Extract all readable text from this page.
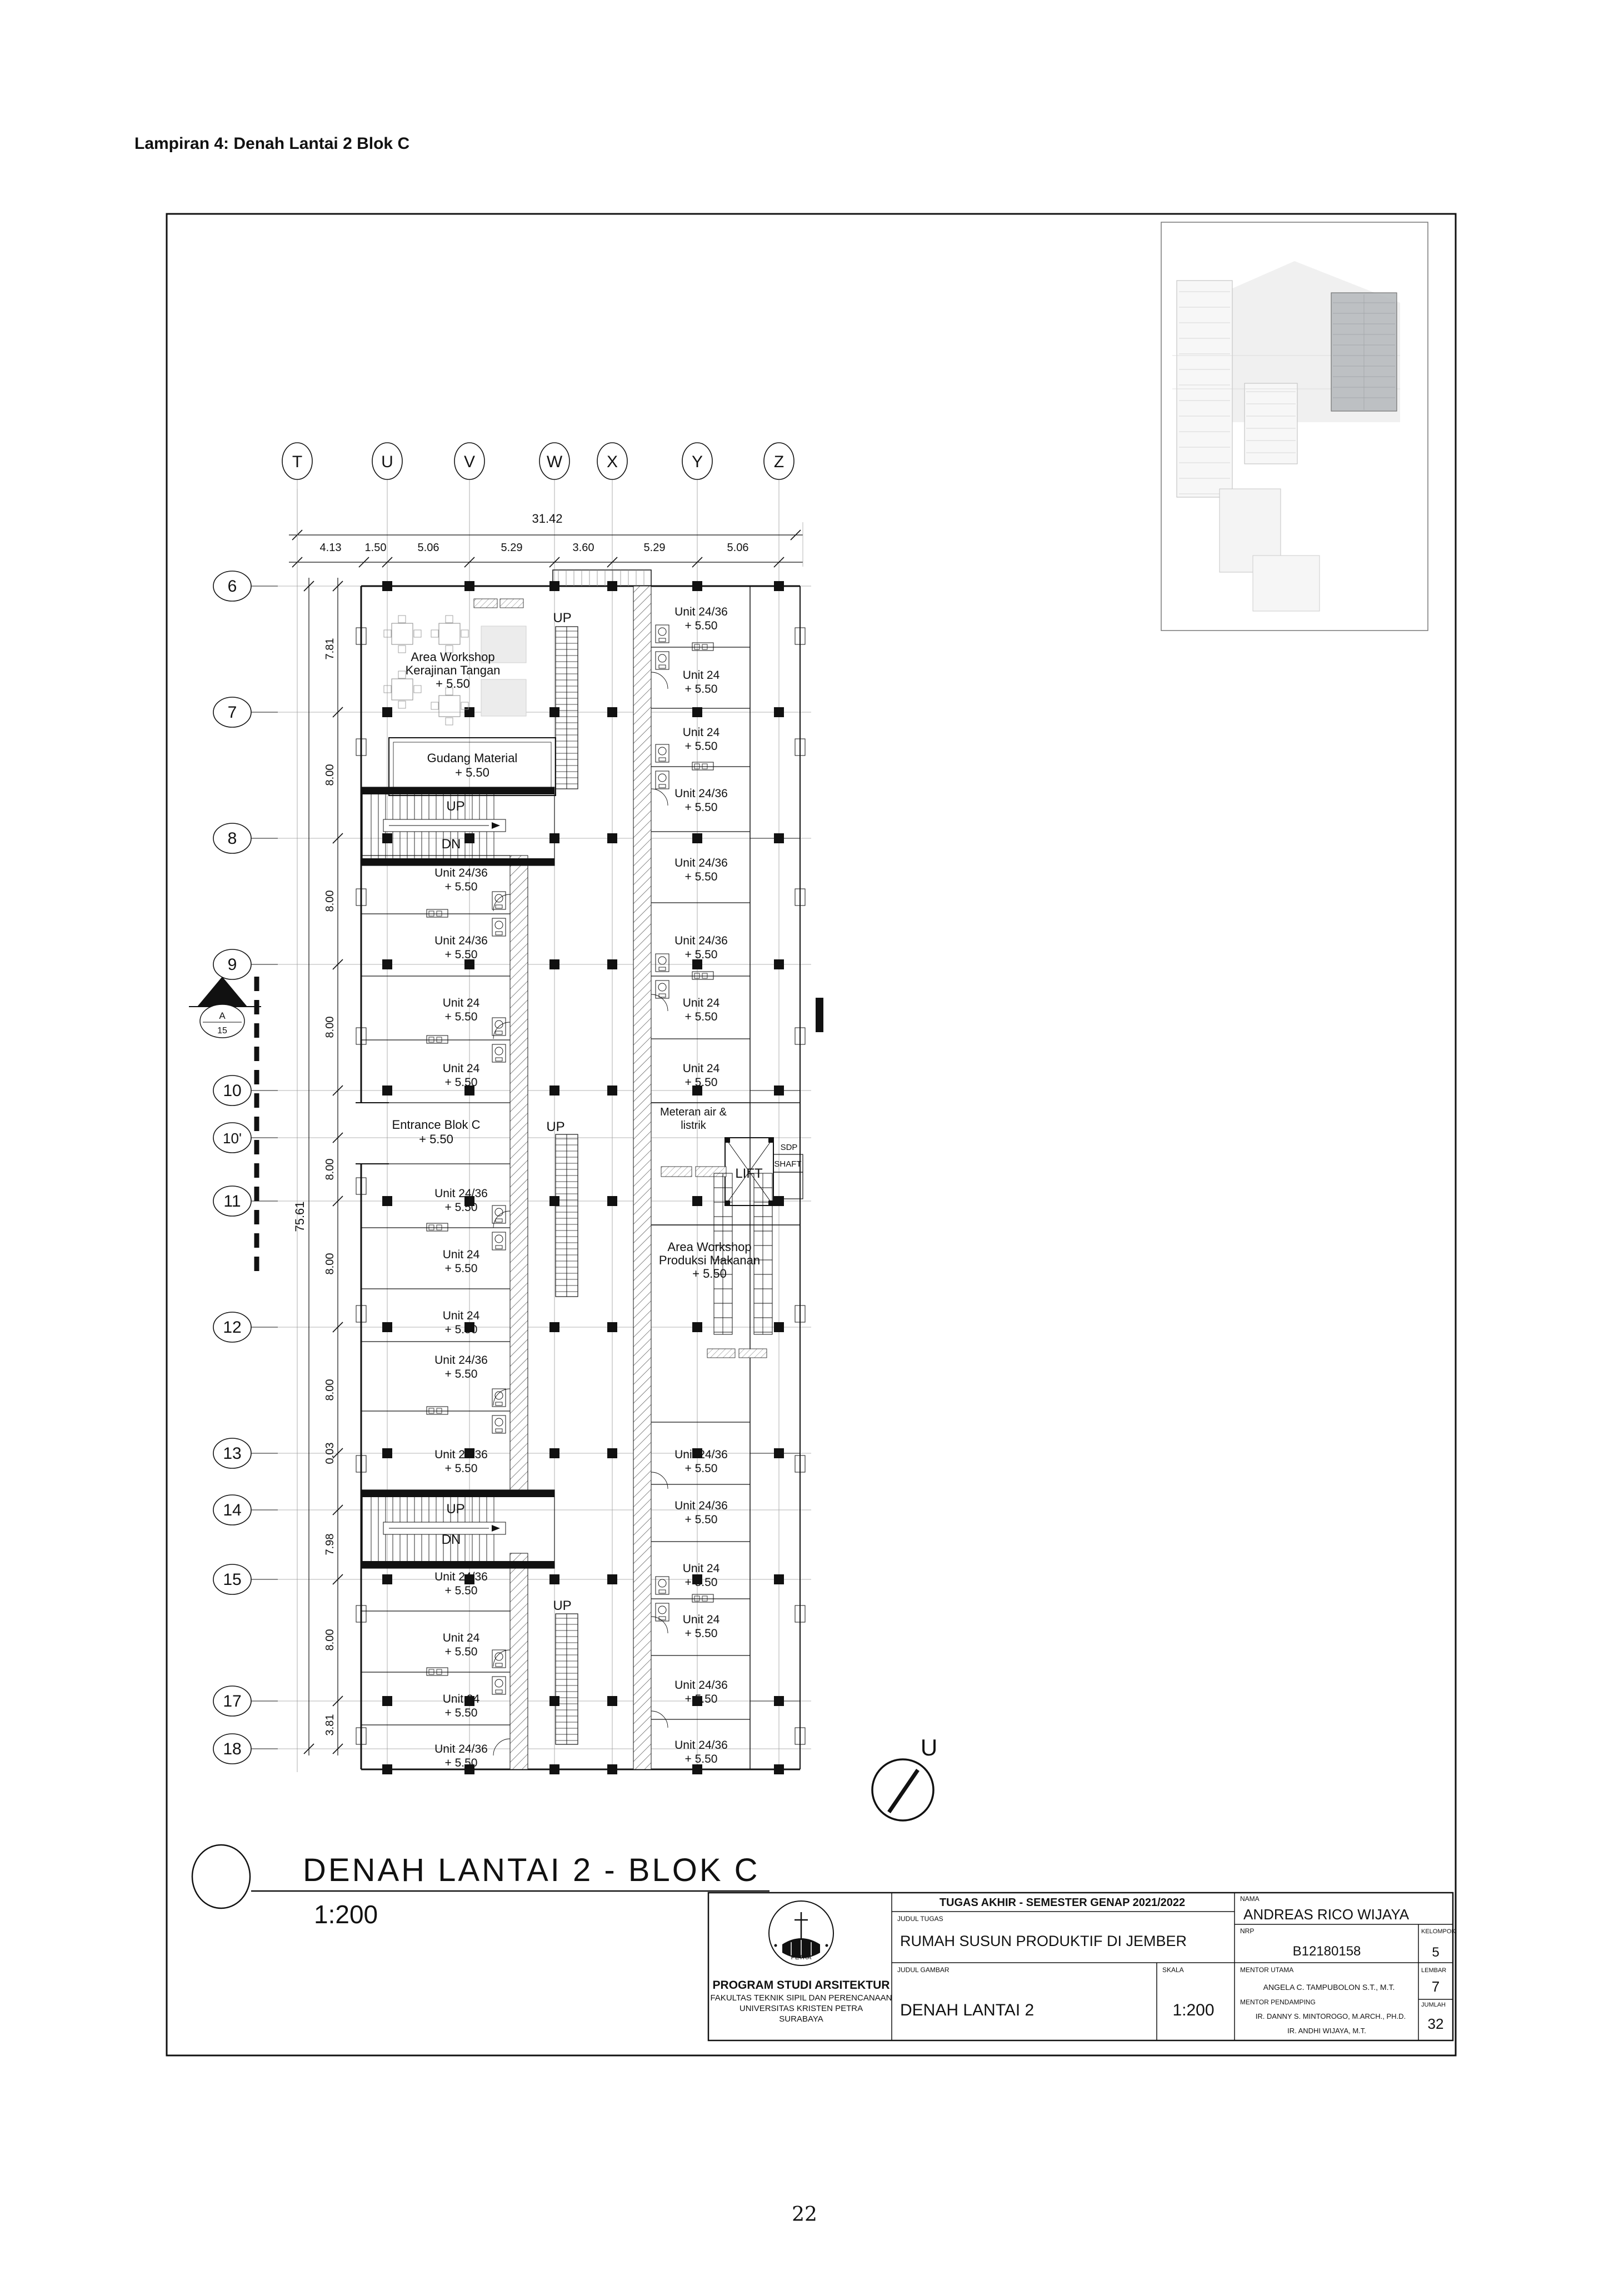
Lampiran 4: Denah Lantai 2 Blok C
22
T	U	V	W	X	Y	Z
6
7
8
9
10
10'
11
12
13
14
15
17
18
31.42
4.13 1.50	5.06	5.29	3.60	5.29	5.06
75.61
7.81
8.00
8.00
8.00
8.00
8.00
8.00
0.03
7.98
8.00
3.81
A
15
Unit 24/36
+ 5.50
Unit 24/36
+ 5.50
Unit 24
+ 5.50
Unit 24
+ 5.50
Unit 24/36
+ 5.50
Unit 24
+ 5.50
Unit 24
+ 5.50
Unit 24/36
+ 5.50
Unit 24/36
+ 5.50
Unit 24/36
+ 5.50
Unit 24
+ 5.50
Unit 24
+ 5.50
Unit 24/36
+ 5.50
Unit 24/36
+ 5.50
Unit 24
+ 5.50
Unit 24
+ 5.50
Unit 24/36
+ 5.50
Unit 24/36
+ 5.50
Unit 24/36
+ 5.50
Unit 24
+ 5.50
Unit 24
+ 5.50
Unit 24/36
+ 5.50
Unit 24/36
+ 5.50
Unit 24
+ 5.50
Unit 24
+ 5.50
Unit 24/36
+ 5.50
Unit 24/36
+ 5.50
Area Workshop
Kerajinan Tangan
+ 5.50
Gudang Material
+ 5.50
Entrance Blok C
+ 5.50
Area Workshop
Produksi Makanan
+ 5.50
Meteran air &
listrik
LIFT
SDP
SHAFT
UP
DN
UP
UP
UP
DN
UP
U
DENAH LANTAI 2 - BLOK C
1:200
PETRA
PROGRAM STUDI ARSITEKTUR
FAKULTAS TEKNIK SIPIL DAN PERENCANAAN
UNIVERSITAS KRISTEN PETRA
SURABAYA
TUGAS AKHIR - SEMESTER GENAP 2021/2022
JUDUL TUGAS
RUMAH SUSUN PRODUKTIF DI JEMBER
JUDUL GAMBAR
DENAH LANTAI 2
SKALA
1:200
NAMA
ANDREAS RICO WIJAYA
NRP
B12180158
KELOMPOK
5
MENTOR UTAMA
ANGELA C. TAMPUBOLON S.T., M.T.
MENTOR PENDAMPING
IR. DANNY S. MINTOROGO, M.ARCH., PH.D.
IR. ANDHI WIJAYA, M.T.
LEMBAR
7
JUMLAH
32
